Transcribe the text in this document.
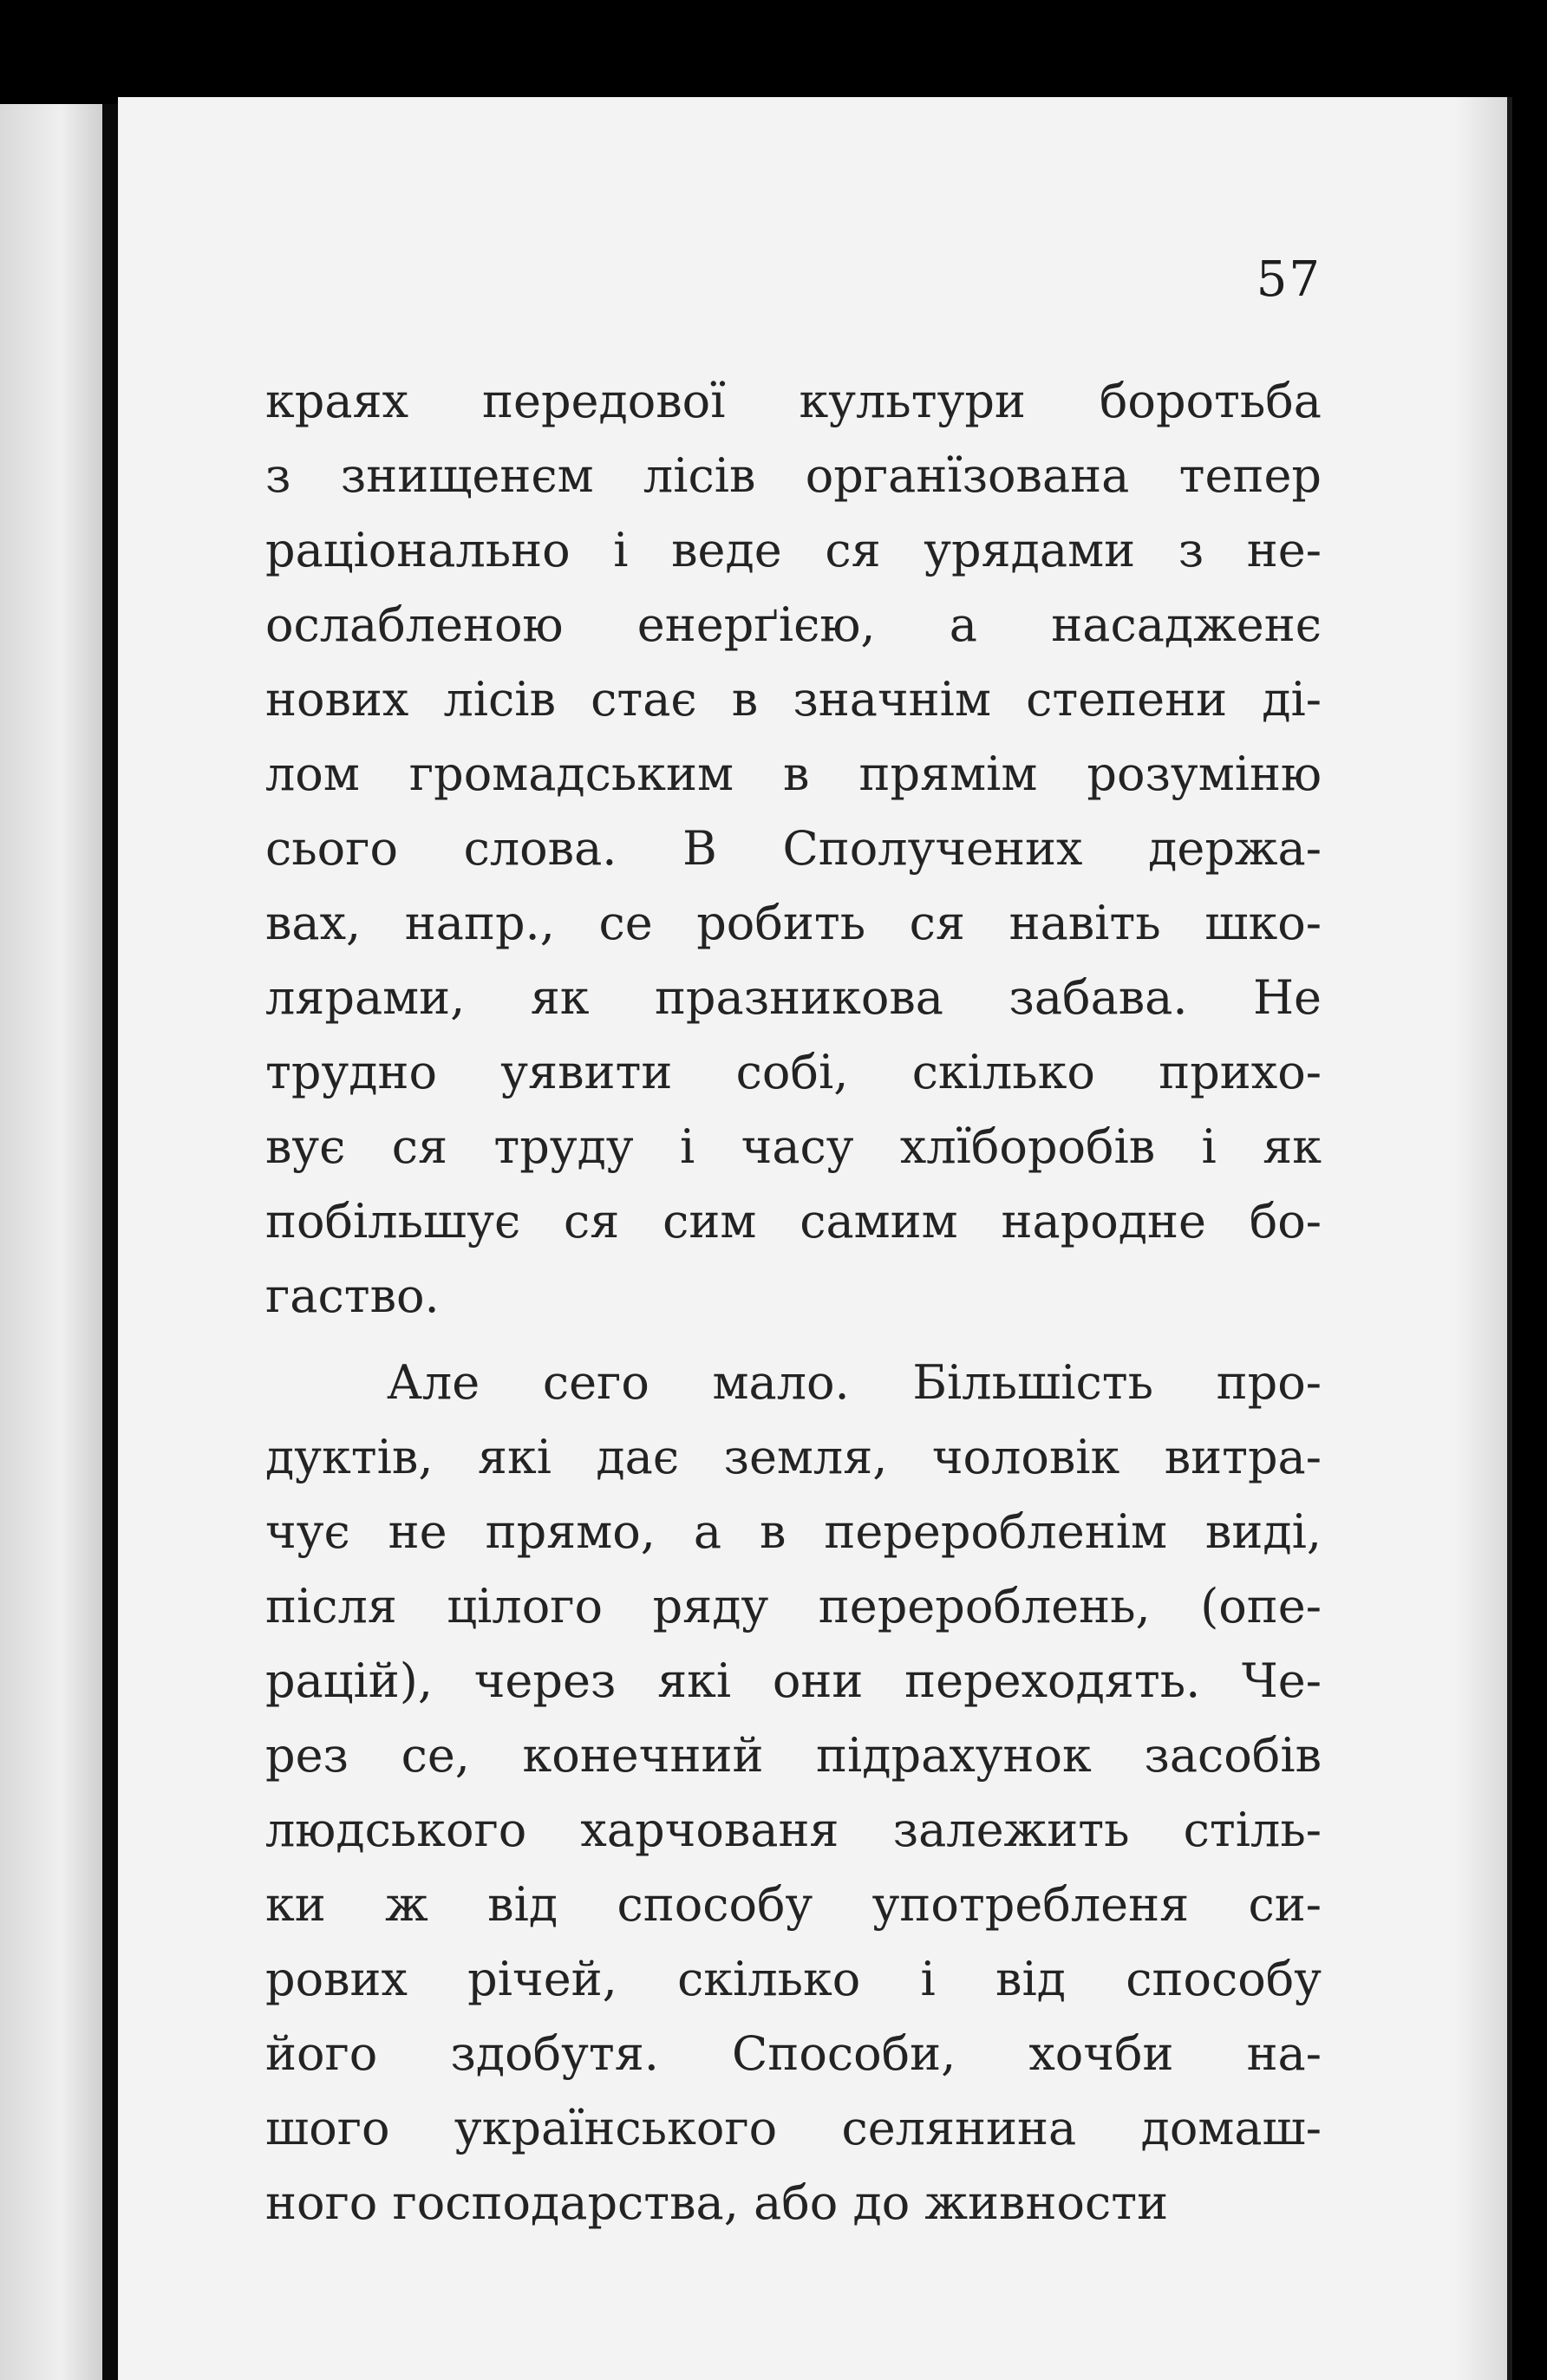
57
краях передової культури боротьба
з знищенєм лісів органїзована тепер
раціонально і веде ся урядами з не-
ослабленою енерґією, а насадженє
нових лісів стає в значнім степени ді-
лом громадським в прямім розуміню
сього слова. В Сполучених держа-
вах, напр., се робить ся навіть шко-
лярами, як празникова забава. Не
трудно уявити собі, скілько прихо-
вує ся труду і часу хлїборобів і як
побільшує ся сим самим народне бо-
гаство.
Але сего мало. Більшість про-
дуктів, які дає земля, чоловік витра-
чує не прямо, а в переробленім виді,
після цілого ряду перероблень, (опе-
рацій), через які они переходять. Че-
рез се, конечний підрахунок засобів
людського харчованя залежить стіль-
ки ж від способу употребленя си-
рових річей, скілько і від способу
його здобутя. Способи, хочби на-
шого українського селянина домаш-
ного господарства, або до живности
